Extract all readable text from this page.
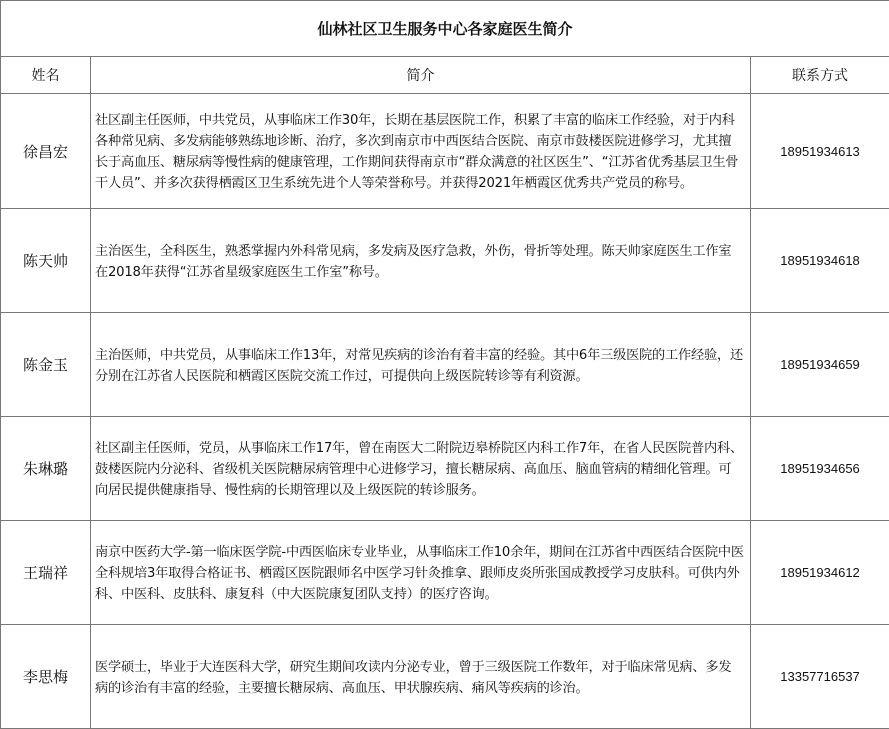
仙林社区卫生服务中心各家庭医生简介		
姓名	简介	联系方式
徐昌宏	社区副主任医师，中共党员，从事临床工作30年，长期在基层医院工作，积累了丰富的临床工作经验，对于内科各种常见病、多发病能够熟练地诊断、治疗，多次到南京市中西医结合医院、南京市鼓楼医院进修学习，尤其擅长于高血压、糖尿病等慢性病的健康管理，工作期间获得南京市“群众满意的社区医生”、“江苏省优秀基层卫生骨干人员”、并多次获得栖霞区卫生系统先进个人等荣誉称号。并获得2021年栖霞区优秀共产党员的称号。	18951934613
陈天帅	主治医生，全科医生，熟悉掌握内外科常见病，多发病及医疗急救，外伤，骨折等处理。陈天帅家庭医生工作室在2018年获得“江苏省星级家庭医生工作室”称号。	18951934618
陈金玉	主治医师，中共党员，从事临床工作13年，对常见疾病的诊治有着丰富的经验。其中6年三级医院的工作经验，还分别在江苏省人民医院和栖霞区医院交流工作过，可提供向上级医院转诊等有利资源。	18951934659
朱琳璐	社区副主任医师，党员，从事临床工作17年，曾在南医大二附院迈皋桥院区内科工作7年，在省人民医院普内科、鼓楼医院内分泌科、省级机关医院糖尿病管理中心进修学习，擅长糖尿病、高血压、脑血管病的精细化管理。可向居民提供健康指导、慢性病的长期管理以及上级医院的转诊服务。	18951934656
王瑞祥	南京中医药大学-第一临床医学院-中西医临床专业毕业，从事临床工作10余年，期间在江苏省中西医结合医院中医全科规培3年取得合格证书、栖霞区医院跟师名中医学习针灸推拿、跟师皮炎所张国成教授学习皮肤科。可供内外科、中医科、皮肤科、康复科（中大医院康复团队支持）的医疗咨询。	18951934612
李思梅	医学硕士，毕业于大连医科大学，研究生期间攻读内分泌专业，曾于三级医院工作数年，对于临床常见病、多发病的诊治有丰富的经验，主要擅长糖尿病、高血压、甲状腺疾病、痛风等疾病的诊治。	13357716537
